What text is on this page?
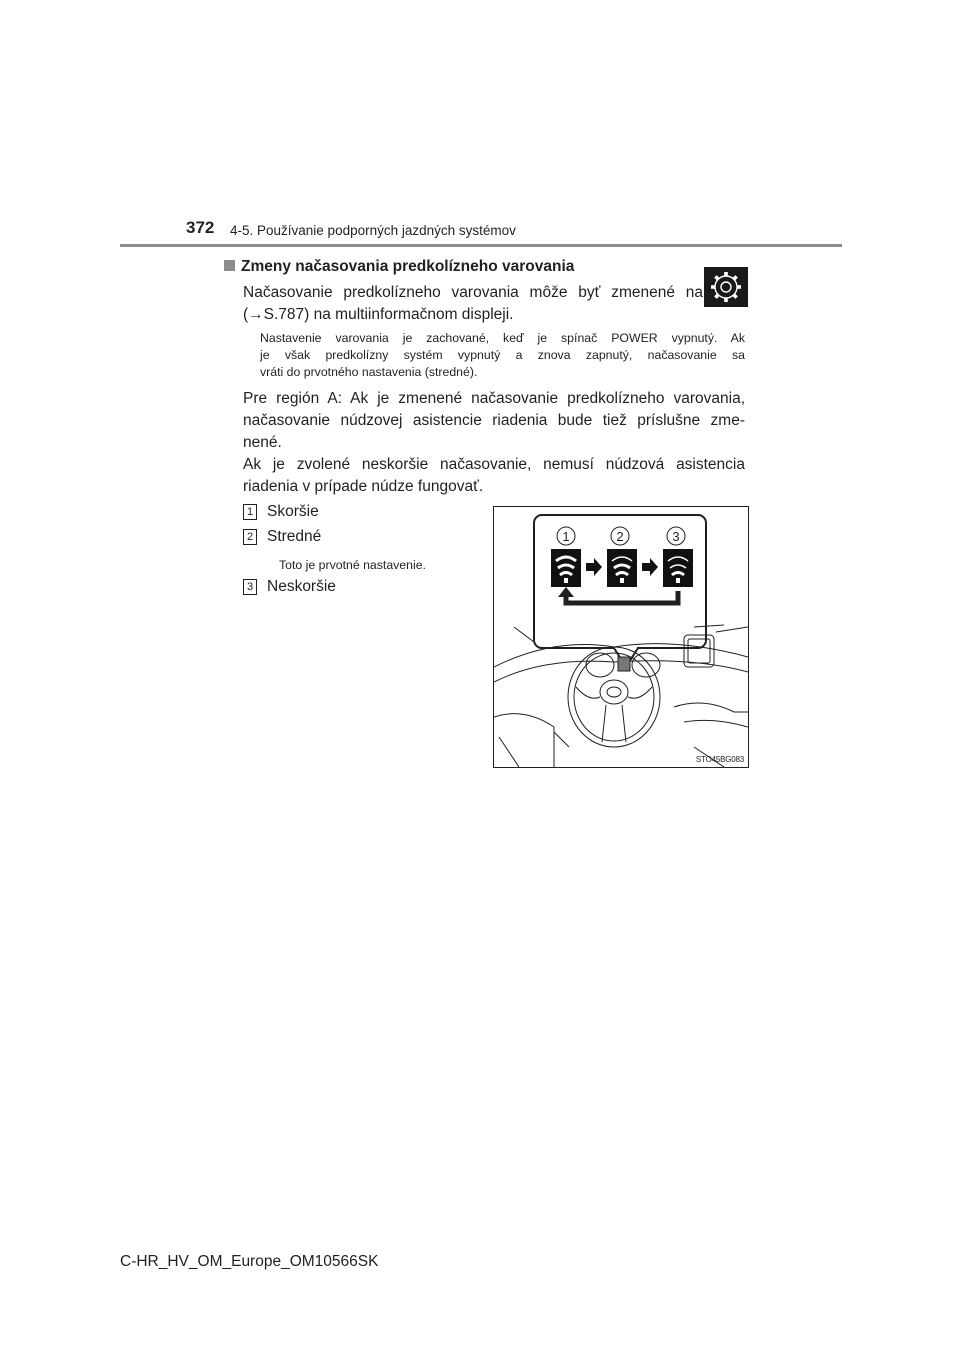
372 4-5. Používanie podporných jazdných systémov
Zmeny načasovania predkolízneho varovania
Načasovanie predkolízneho varovania môže byť zmenené na
(→S.787) na multiinformačnom displeji.
Nastavenie varovania je zachované, keď je spínač POWER vypnutý. Ak
je však predkolízny systém vypnutý a znova zapnutý, načasovanie sa
vráti do prvotného nastavenia (stredné).
Pre región A: Ak je zmenené načasovanie predkolízneho varovania,
načasovanie núdzovej asistencie riadenia bude tiež príslušne zme-
nené.
Ak je zvolené neskoršie načasovanie, nemusí núdzová asistencia
riadenia v prípade núdze fungovať.
1 Skoršie
2 Stredné
Toto je prvotné nastavenie.
3 Neskoršie
1	2	3
STO45BG083
C-HR_HV_OM_Europe_OM10566SK
